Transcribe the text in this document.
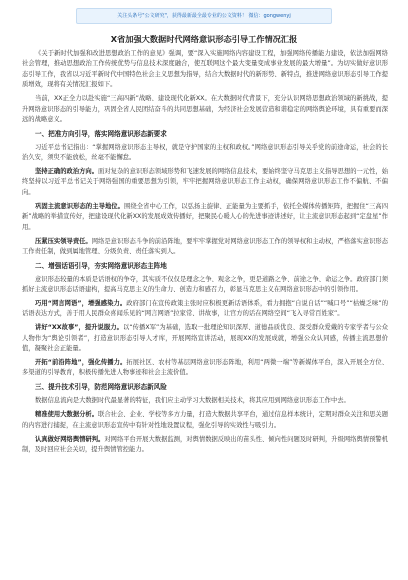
关注头条号"公文研究"，获得最新最全最专业的公文资料！ 微信：gongwenyj
X省加强大数据时代网络意识形态引导工作情况汇报
《关于新时代加强和改进思想政治工作的意见》强调，要“深入实施网络内容建设工程，加强网络传播能力建设，依法加强网络社会管理，推动思想政治工作传统优势与信息技术深度融合，使互联网这个最大变量变成事业发展的最大增量”。为切实做好意识形态引导工作，我省以习近平新时代中国特色社会主义思想为指导，结合大数据时代的新形势、新特点，推进网络意识形态引导工作提质增效，现将有关情况汇报如下。
当前，XX正全力以赴实施“三高四新”战略、建设现代化新XX。在大数据时代背景下，充分认识网络思想政治领域的新挑战，提升网络意识形态的引导能力，巩固全省人民团结奋斗的共同思想基础，为经济社会发展营造和谐稳定的网络舆论环境，具有重要而深远的战略意义。
一、把准方向引导，落实网络意识形态新要求
习近平总书记指出：“掌握网络意识形态主导权，就是守护国家的主权和政权。”网络意识形态引导关乎党的前途命运，社会的长治久安，须臾不能放松，丝毫不能懈怠。
坚持正确的政治方向。面对复杂的意识形态领域形势和飞速发展的网络信息技术，要始终坚守马克思主义指导思想的一元性，始终坚持以习近平总书记关于网络强国的重要思想为引领，牢牢把握网络意识形态工作主动权，确保网络意识形态工作不偏航、不偏向。
巩固主流意识形态的主导地位。围绕全省中心工作，以弘扬主旋律、正能量为主要抓手，依托全媒体传播矩阵，把握住“三高四新”战略的举措宣传好，把建设现代化新XX的发展成效传播好，把聚民心暖人心的先进事迹讲述好，让主流意识形态起到“定盘星”作用。
压紧压实领导责任。网络是意识形态斗争的前沿阵地，要牢牢掌握党对网络意识形态工作的领导权和主动权，严格落实意识形态工作责任制，做到属地管理、分级负责、责任落实到人。
二、增强话语引导，夯实网络意识形态主阵地
意识形态较量的本质是话语权的争夺，其实质不仅仅是理念之争、观念之争，更是道路之争、前途之争、命运之争。政府部门须抓好主流意识形态话语建构，提高马克思主义的生命力、创造力和感召力，彰显马克思主义在网络意识形态中的引领作用。
巧用“网言网语”，增强感染力。政府部门在宣传政策主张时应积极更新话语体系，看力拥抱“自说自话”“喊口号”“枯燥乏味”的话语表达方式，善于用人民群众喜闻乐见的“网言网语”拉家常、讲故事，让官方的话在网络空间“飞入寻常百姓家”。
讲好“XX故事”，提升说服力。以“传播X军”为基础，选取一批理论知识深厚、道德品质优良、深受群众爱戴的专家学者与公众人物作为“舆论引领者”，打造意识形态引导人才库，开展网络宣讲活动，展现XX的发展成就，增强公众认同感，传播主流思想价值，凝聚社会正能量。
开拓“前沿阵地”，强化传播力。拓展社区、农村等基层网络意识形态阵地，利用“两微一端”等新媒体平台，深入开展全方位、多渠道的引导教育，积极传播先进人物事迹和社会主流价值。
三、提升技术引导，防范网络意识形态新风险
数据信息流向是大数据时代最显著的特征，我们应主动学习大数据相关技术，将其应用到网络意识形态工作中去。
精准使用大数据分析。联合社会、企业、学校等多方力量，打造大数据共享平台，通过信息样本统计，定期对群众关注和思关题的内容进行捕捉，在主流意识形态宣传中有针对性地设置议程，强化引导的实效性与吸引力。
认真做好网络舆情研判。对网络平台开展大数据监测，对舆情数据反映出的苗头性、倾向性问题及时研判，升级网络舆情预警机制，及时回应社会关切，提升舆情管控能力。
